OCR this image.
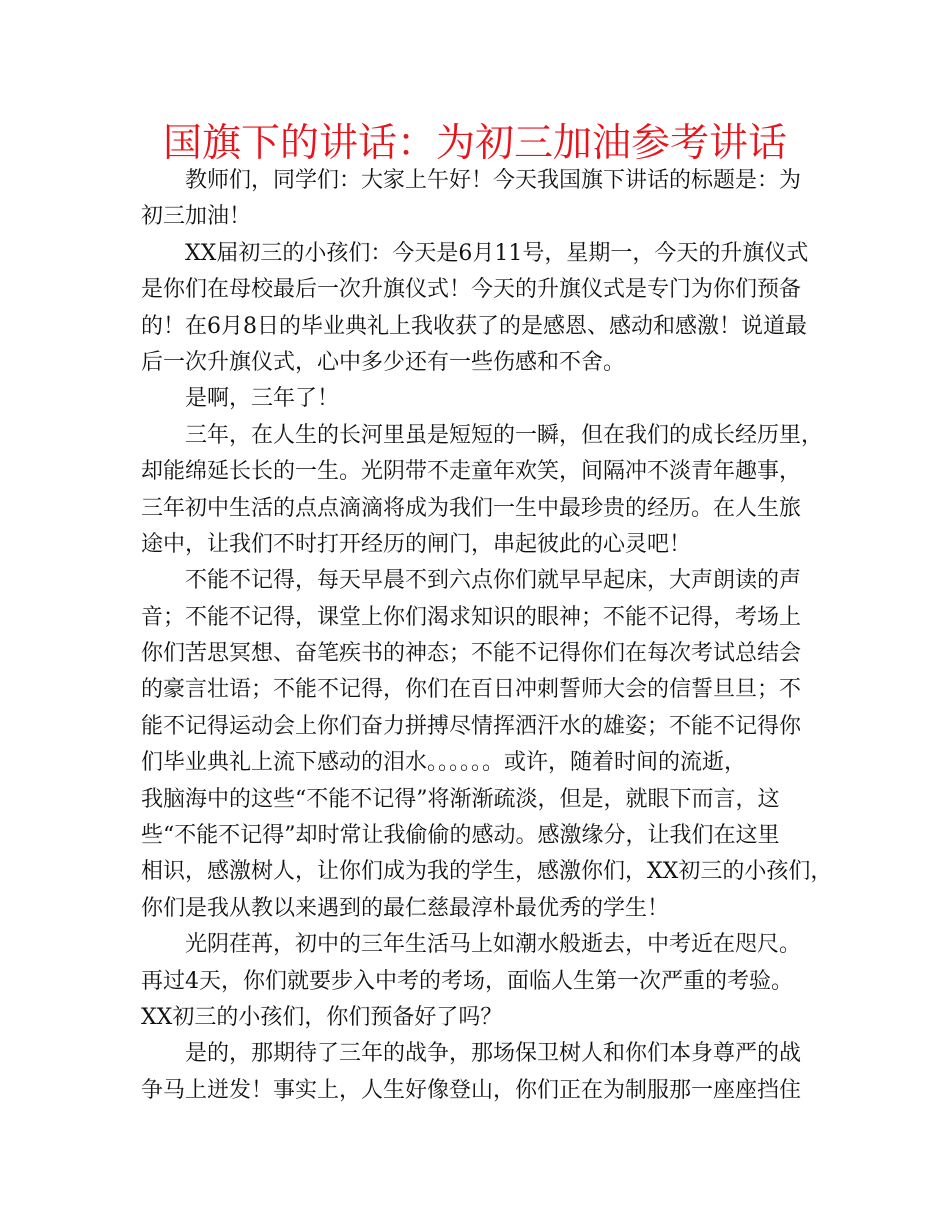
国旗下的讲话：为初三加油参考讲话
教师们，同学们：大家上午好！今天我国旗下讲话的标题是：为
初三加油！
XX届初三的小孩们：今天是6月11号，星期一，今天的升旗仪式
是你们在母校最后一次升旗仪式！今天的升旗仪式是专门为你们预备
的！在6月8日的毕业典礼上我收获了的是感恩、感动和感激！说道最
后一次升旗仪式，心中多少还有一些伤感和不舍。
是啊，三年了！
三年，在人生的长河里虽是短短的一瞬，但在我们的成长经历里，
却能绵延长长的一生。光阴带不走童年欢笑，间隔冲不淡青年趣事，
三年初中生活的点点滴滴将成为我们一生中最珍贵的经历。在人生旅
途中，让我们不时打开经历的闸门，串起彼此的心灵吧！
不能不记得，每天早晨不到六点你们就早早起床，大声朗读的声
音；不能不记得，课堂上你们渴求知识的眼神；不能不记得，考场上
你们苦思冥想、奋笔疾书的神态；不能不记得你们在每次考试总结会
的豪言壮语；不能不记得，你们在百日冲刺誓师大会的信誓旦旦；不
能不记得运动会上你们奋力拼搏尽情挥洒汗水的雄姿；不能不记得你
们毕业典礼上流下感动的泪水。。。。。。或许，随着时间的流逝，
我脑海中的这些“不能不记得”将渐渐疏淡，但是，就眼下而言，这
些“不能不记得”却时常让我偷偷的感动。感激缘分，让我们在这里
相识，感激树人，让你们成为我的学生，感激你们，XX初三的小孩们，
你们是我从教以来遇到的最仁慈最淳朴最优秀的学生！
光阴荏苒，初中的三年生活马上如潮水般逝去，中考近在咫尺。
再过4天，你们就要步入中考的考场，面临人生第一次严重的考验。
XX初三的小孩们，你们预备好了吗？
是的，那期待了三年的战争，那场保卫树人和你们本身尊严的战
争马上迸发！事实上，人生好像登山，你们正在为制服那一座座挡住
